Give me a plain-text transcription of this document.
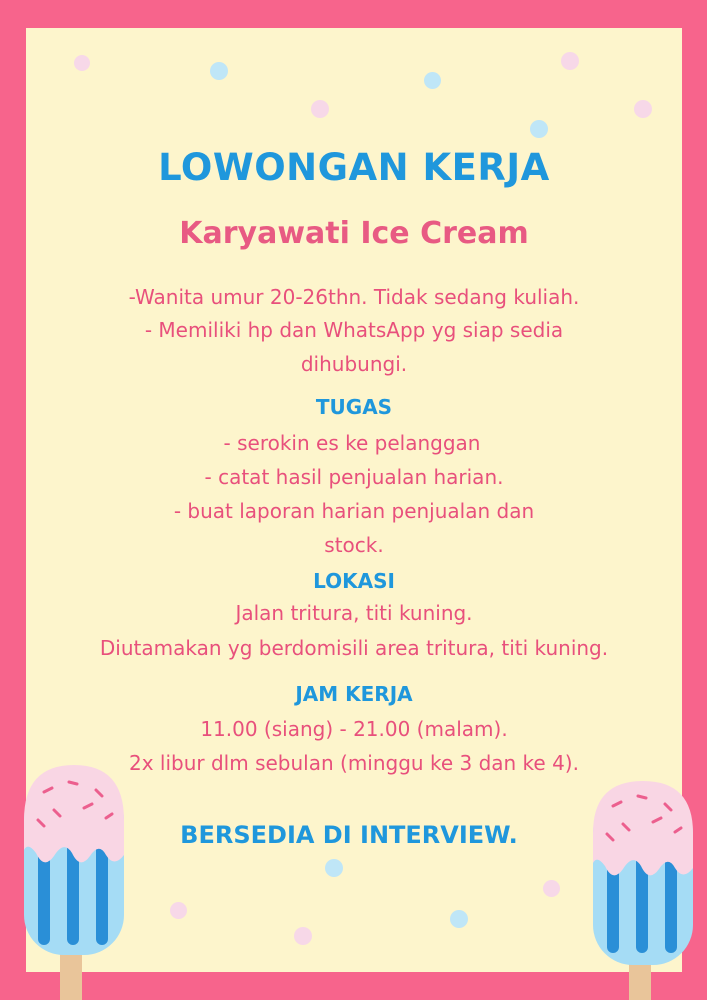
LOWONGAN KERJA
Karyawati Ice Cream
-Wanita umur 20-26thn. Tidak sedang kuliah.
- Memiliki hp dan WhatsApp yg siap sedia
dihubungi.
TUGAS
- serokin es ke pelanggan
- catat hasil penjualan harian.
- buat laporan harian penjualan dan
stock.
LOKASI
Jalan tritura, titi kuning.
Diutamakan yg berdomisili area tritura, titi kuning.
JAM KERJA
11.00 (siang) - 21.00 (malam).
2x libur dlm sebulan (minggu ke 3 dan ke 4).
BERSEDIA DI INTERVIEW.
